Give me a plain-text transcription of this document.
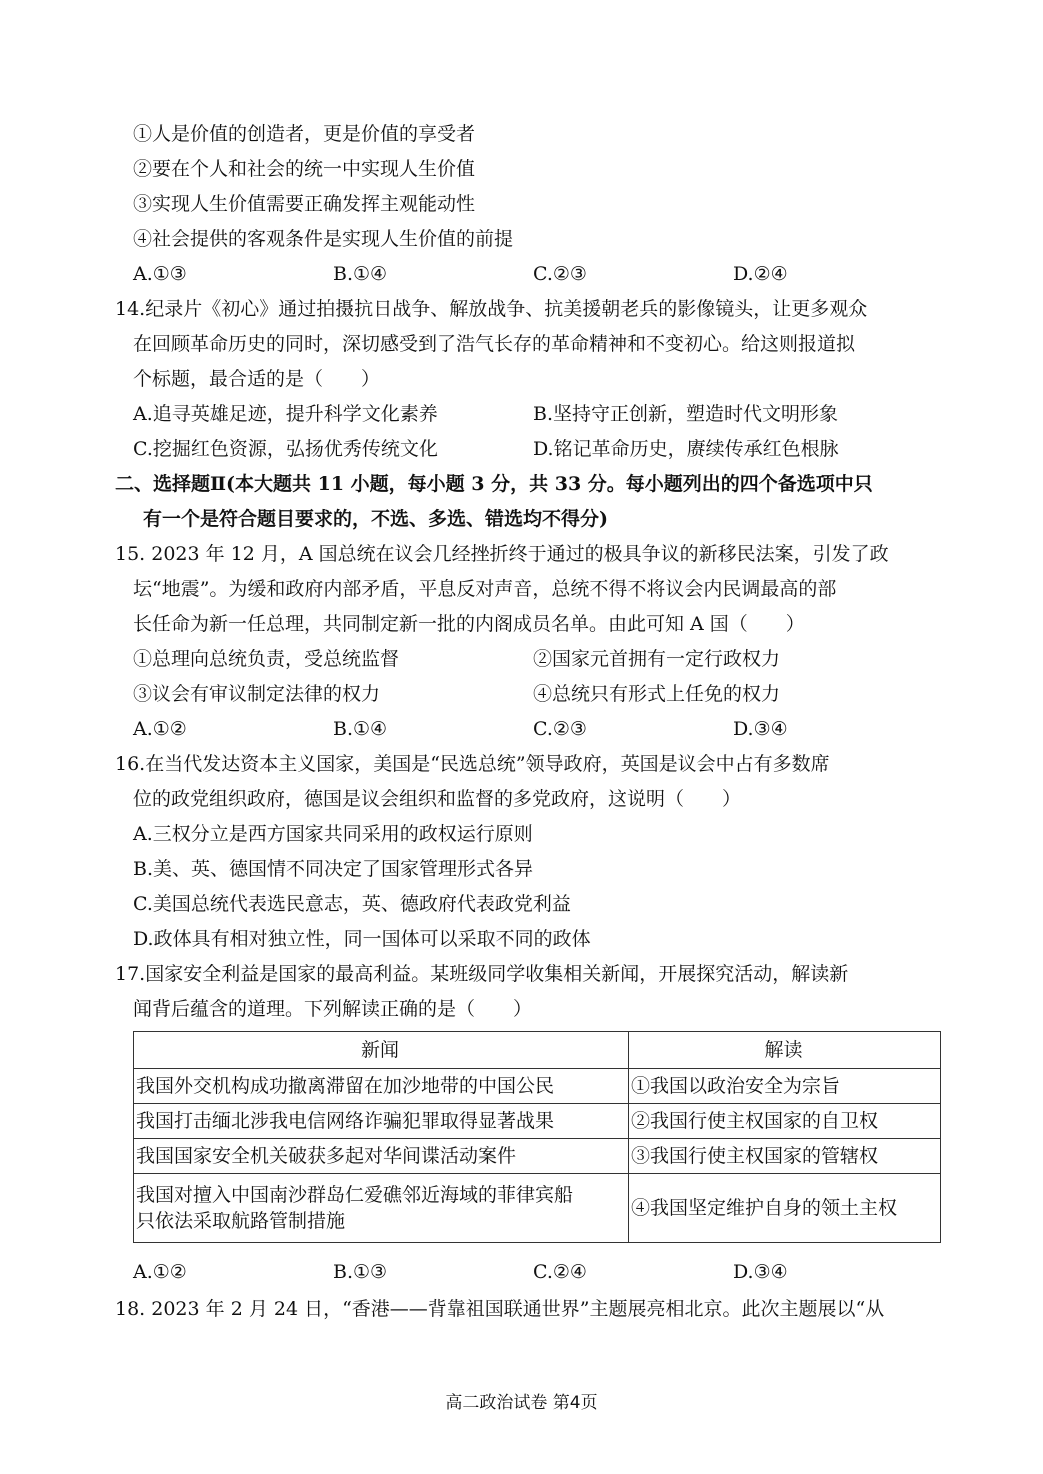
①人是价值的创造者，更是价值的享受者
②要在个人和社会的统一中实现人生价值
③实现人生价值需要正确发挥主观能动性
④社会提供的客观条件是实现人生价值的前提
A.①③	B.①④	C.②③	D.②④
14.纪录片《初心》通过拍摄抗日战争、解放战争、抗美援朝老兵的影像镜头，让更多观众
在回顾革命历史的同时，深切感受到了浩气长存的革命精神和不变初心。给这则报道拟
个标题，最合适的是（　　）
A.追寻英雄足迹，提升科学文化素养	B.坚持守正创新，塑造时代文明形象
C.挖掘红色资源，弘扬优秀传统文化	D.铭记革命历史，赓续传承红色根脉
二、选择题Ⅱ(本大题共 11 小题，每小题 3 分，共 33 分。每小题列出的四个备选项中只
有一个是符合题目要求的，不选、多选、错选均不得分)
15. 2023 年 12 月，A 国总统在议会几经挫折终于通过的极具争议的新移民法案，引发了政
坛“地震”。为缓和政府内部矛盾，平息反对声音，总统不得不将议会内民调最高的部
长任命为新一任总理，共同制定新一批的内阁成员名单。由此可知 A 国（　　）
①总理向总统负责，受总统监督	②国家元首拥有一定行政权力
③议会有审议制定法律的权力	④总统只有形式上任免的权力
A.①②	B.①④	C.②③	D.③④
16.在当代发达资本主义国家，美国是“民选总统”领导政府，英国是议会中占有多数席
位的政党组织政府，德国是议会组织和监督的多党政府，这说明（　　）
A.三权分立是西方国家共同采用的政权运行原则
B.美、英、德国情不同决定了国家管理形式各异
C.美国总统代表选民意志，英、德政府代表政党利益
D.政体具有相对独立性，同一国体可以采取不同的政体
17.国家安全利益是国家的最高利益。某班级同学收集相关新闻，开展探究活动，解读新
闻背后蕴含的道理。下列解读正确的是（　　）
新闻	解读
我国外交机构成功撤离滞留在加沙地带的中国公民	①我国以政治安全为宗旨
我国打击缅北涉我电信网络诈骗犯罪取得显著战果	②我国行使主权国家的自卫权
我国国家安全机关破获多起对华间谍活动案件	③我国行使主权国家的管辖权

我国对擅入中国南沙群岛仁爱礁邻近海域的菲律宾船
只依法采取航路管制措施	④我国坚定维护自身的领土主权
A.①②	B.①③	C.②④	D.③④
18. 2023 年 2 月 24 日，“香港——背靠祖国联通世界”主题展亮相北京。此次主题展以“从
高二政治试卷 第4页
